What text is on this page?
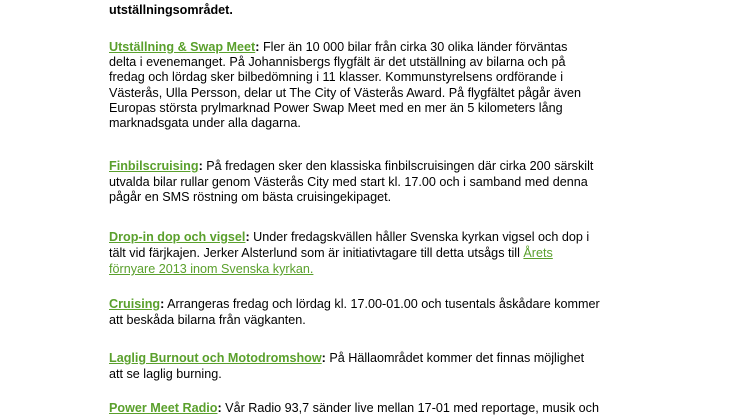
utställningsområdet.
Utställning & Swap Meet: Fler än 10 000 bilar från cirka 30 olika länder förväntas
delta i evenemanget. På Johannisbergs flygfält är det utställning av bilarna och på
fredag och lördag sker bilbedömning i 11 klasser. Kommunstyrelsens ordförande i
Västerås, Ulla Persson, delar ut The City of Västerås Award. På flygfältet pågår även
Europas största prylmarknad Power Swap Meet med en mer än 5 kilometers lång
marknadsgata under alla dagarna.
Finbilscruising: På fredagen sker den klassiska finbilscruisingen där cirka 200 särskilt
utvalda bilar rullar genom Västerås City med start kl. 17.00 och i samband med denna
pågår en SMS röstning om bästa cruisingekipaget.
Drop-in dop och vigsel: Under fredagskvällen håller Svenska kyrkan vigsel och dop i
tält vid färjkajen. Jerker Alsterlund som är initiativtagare till detta utsågs till Årets
förnyare 2013 inom Svenska kyrkan.
Cruising: Arrangeras fredag och lördag kl. 17.00-01.00 och tusentals åskådare kommer
att beskåda bilarna från vägkanten.
Laglig Burnout och Motodromshow: På Hällaområdet kommer det finnas möjlighet
att se laglig burning.
Power Meet Radio: Vår Radio 93,7 sänder live mellan 17-01 med reportage, musik och
